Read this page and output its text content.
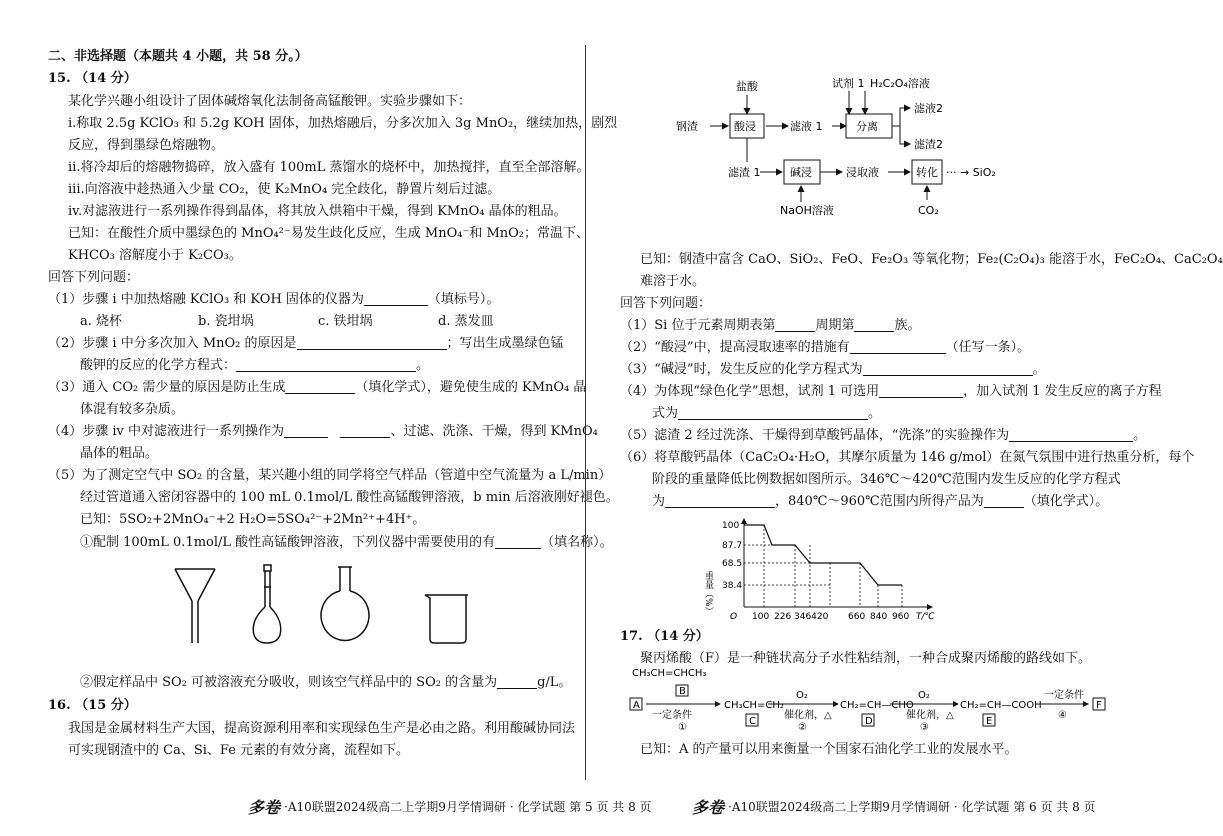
二、非选择题（本题共 4 小题，共 58 分。）
15. （14 分）
某化学兴趣小组设计了固体碱熔氧化法制备高锰酸钾。实验步骤如下：
i.称取 2.5g KClO₃ 和 5.2g KOH 固体，加热熔融后，分多次加入 3g MnO₂，继续加热，剧烈
反应，得到墨绿色熔融物。
ii.将冷却后的熔融物捣碎，放入盛有 100mL 蒸馏水的烧杯中，加热搅拌，直至全部溶解。
iii.向溶液中趁热通入少量 CO₂，使 K₂MnO₄ 完全歧化，静置片刻后过滤。
iv.对滤液进行一系列操作得到晶体，将其放入烘箱中干燥，得到 KMnO₄ 晶体的粗品。
已知：在酸性介质中墨绿色的 MnO₄²⁻易发生歧化反应，生成 MnO₄⁻和 MnO₂；常温下、
KHCO₃ 溶解度小于 K₂CO₃。
回答下列问题：
（1）步骤 i 中加热熔融 KClO₃ 和 KOH 固体的仪器为	（填标号）。
a. 烧杯	b. 瓷坩埚	c. 铁坩埚	d. 蒸发皿
（2）步骤 i 中分多次加入 MnO₂ 的原因是	；写出生成墨绿色锰
酸钾的反应的化学方程式：	。
（3）通入 CO₂ 需少量的原因是防止生成	（填化学式），避免使生成的 KMnO₄ 晶
体混有较多杂质。
（4）步骤 iv 中对滤液进行一系列操作为	、过滤、洗涤、干燥，得到 KMnO₄
晶体的粗品。
（5）为了测定空气中 SO₂ 的含量，某兴趣小组的同学将空气样品（管道中空气流量为 a L/min）
经过管道通入密闭容器中的 100 mL 0.1mol/L 酸性高锰酸钾溶液，b min 后溶液刚好褪色。
已知：5SO₂+2MnO₄⁻+2 H₂O=5SO₄²⁻+2Mn²⁺+4H⁺。
①配制 100mL 0.1mol/L 酸性高锰酸钾溶液，下列仪器中需要使用的有	（填名称）。
②假定样品中 SO₂ 可被溶液充分吸收，则该空气样品中的 SO₂ 的含量为	g/L。
16. （15 分）
我国是金属材料生产大国，提高资源利用率和实现绿色生产是必由之路。利用酸碱协同法
可实现钢渣中的 Ca、Si、Fe 元素的有效分离，流程如下。
多卷 ·A10联盟2024级高二上学期9月学情调研 · 化学试题 第 5 页 共 8 页
盐酸	试剂 1 H₂C₂O₄溶液
钢渣	酸浸	滤液 1	分离
滤液2
滤渣2
滤渣 1	碱浸	浸取液	转化 ··· → SiO₂
NaOH溶液	CO₂
已知：钢渣中富含 CaO、SiO₂、FeO、Fe₂O₃ 等氧化物；Fe₂(C₂O₄)₃ 能溶于水，FeC₂O₄、CaC₂O₄
难溶于水。
回答下列问题：
（1）Si 位于元素周期表第	周期第	族。
（2）“酸浸”中，提高浸取速率的措施有	（任写一条）。
（3）“碱浸”时，发生反应的化学方程式为	。
（4）为体现“绿色化学”思想，试剂 1 可选用	，加入试剂 1 发生反应的离子方程
式为	。
（5）滤渣 2 经过洗涤、干燥得到草酸钙晶体，“洗涤”的实验操作为	。
（6）将草酸钙晶体（CaC₂O₄·H₂O，其摩尔质量为 146 g/mol）在氮气氛围中进行热重分析，每个
阶段的重量降低比例数据如图所示。346℃～420℃范围内发生反应的化学方程式
为	，840℃～960℃范围内所得产品为	（填化学式）。
重量（%）
100
87.7
68.5
38.4
O 100 226 346420 660 840 960 T/℃
17. （14 分）
聚丙烯酸（F）是一种链状高分子水性粘结剂，一种合成聚丙烯酸的路线如下。
CH₃CH=CHCH₃
A
B
一定条件
①
CH₃CH=CH₂
C
O₂
催化剂，△
②
CH₂=CH—CHO
D
O₂
催化剂，△
③
CH₂=CH—COOH
E
一定条件
④
F
已知：A 的产量可以用来衡量一个国家石油化学工业的发展水平。
多卷 ·A10联盟2024级高二上学期9月学情调研 · 化学试题 第 6 页 共 8 页
